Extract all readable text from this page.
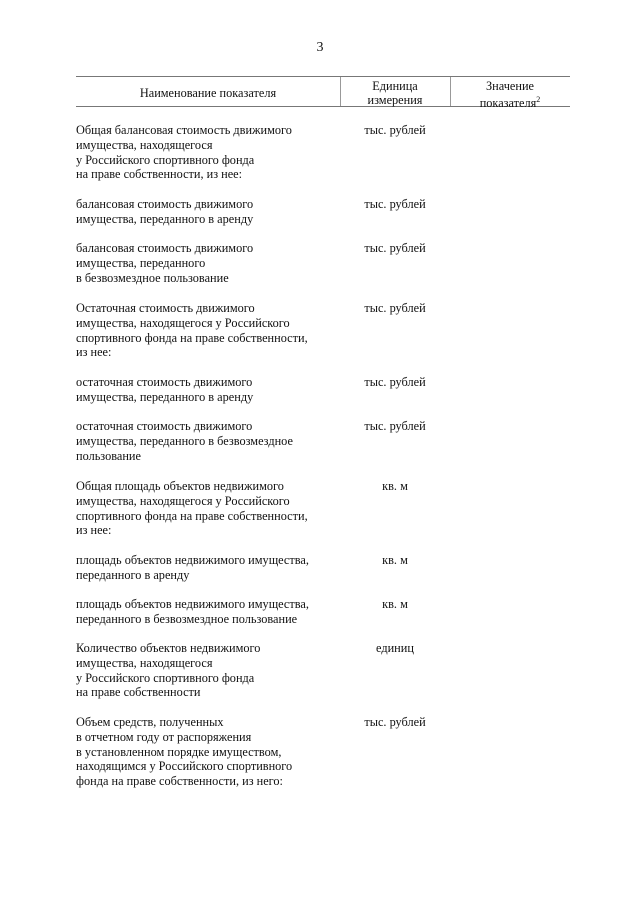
3
Наименование показателя	Единица
измерения
Значение
показателя$^2$
Общая балансовая стоимость движимого
имущества, находящегося
у Российского спортивного фонда
на праве собственности, из нее:
тыс. рублей
балансовая стоимость движимого
имущества, переданного в аренду
тыс. рублей
балансовая стоимость движимого
имущества, переданного
в безвозмездное пользование
тыс. рублей
Остаточная стоимость движимого
имущества, находящегося у Российского
спортивного фонда на праве собственности,
из нее:
тыс. рублей
остаточная стоимость движимого
имущества, переданного в аренду
тыс. рублей
остаточная стоимость движимого
имущества, переданного в безвозмездное
пользование
тыс. рублей
Общая площадь объектов недвижимого
имущества, находящегося у Российского
спортивного фонда на праве собственности,
из нее:
кв. м
площадь объектов недвижимого имущества,
переданного в аренду
кв. м
площадь объектов недвижимого имущества,
переданного в безвозмездное пользование
кв. м
Количество объектов недвижимого
имущества, находящегося
у Российского спортивного фонда
на праве собственности
единиц
Объем средств, полученных
в отчетном году от распоряжения
в установленном порядке имуществом,
находящимся у Российского спортивного
фонда на праве собственности, из него:
тыс. рублей
